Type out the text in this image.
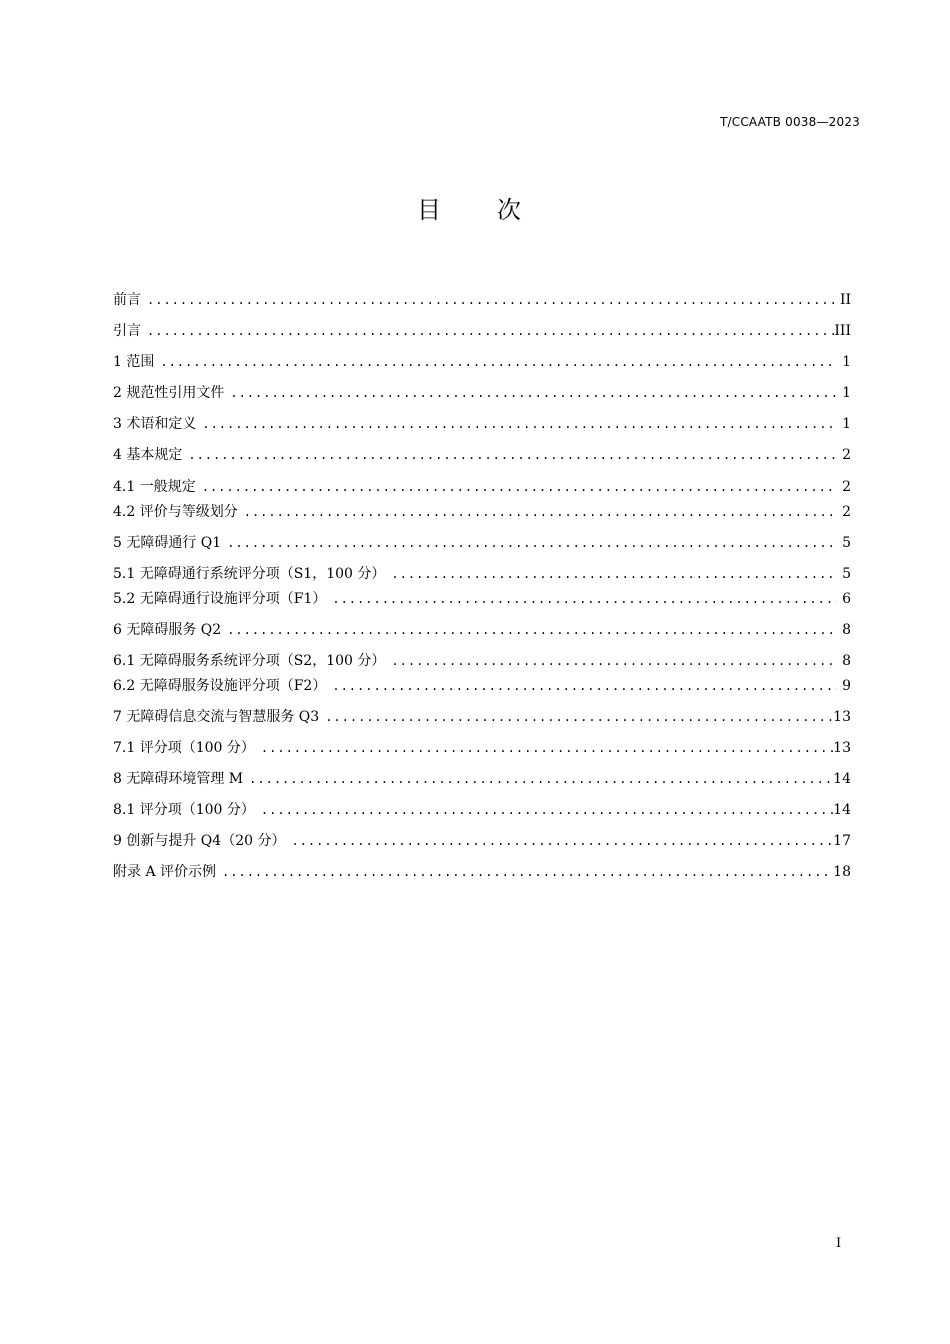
T/CCAATB 0038—2023
目次
前言 .....	II
引言 .....	III
1 范围 .....	1
2 规范性引用文件 .....	1
3 术语和定义 .....	1
4 基本规定 .....	2
4.1 一般规定 .....	2
4.2 评价与等级划分 .....	2
5 无障碍通行 Q1 .....	5
5.1 无障碍通行系统评分项（S1，100 分） .....	5
5.2 无障碍通行设施评分项（F1） .....	6
6 无障碍服务 Q2 .....	8
6.1 无障碍服务系统评分项（S2，100 分） .....	8
6.2 无障碍服务设施评分项（F2） .....	9
7 无障碍信息交流与智慧服务 Q3 .....	13
7.1 评分项（100 分） .....	13
8 无障碍环境管理 M .....	14
8.1 评分项（100 分） .....	14
9 创新与提升 Q4（20 分） .....	17
附录 A 评价示例 .....	18
I
